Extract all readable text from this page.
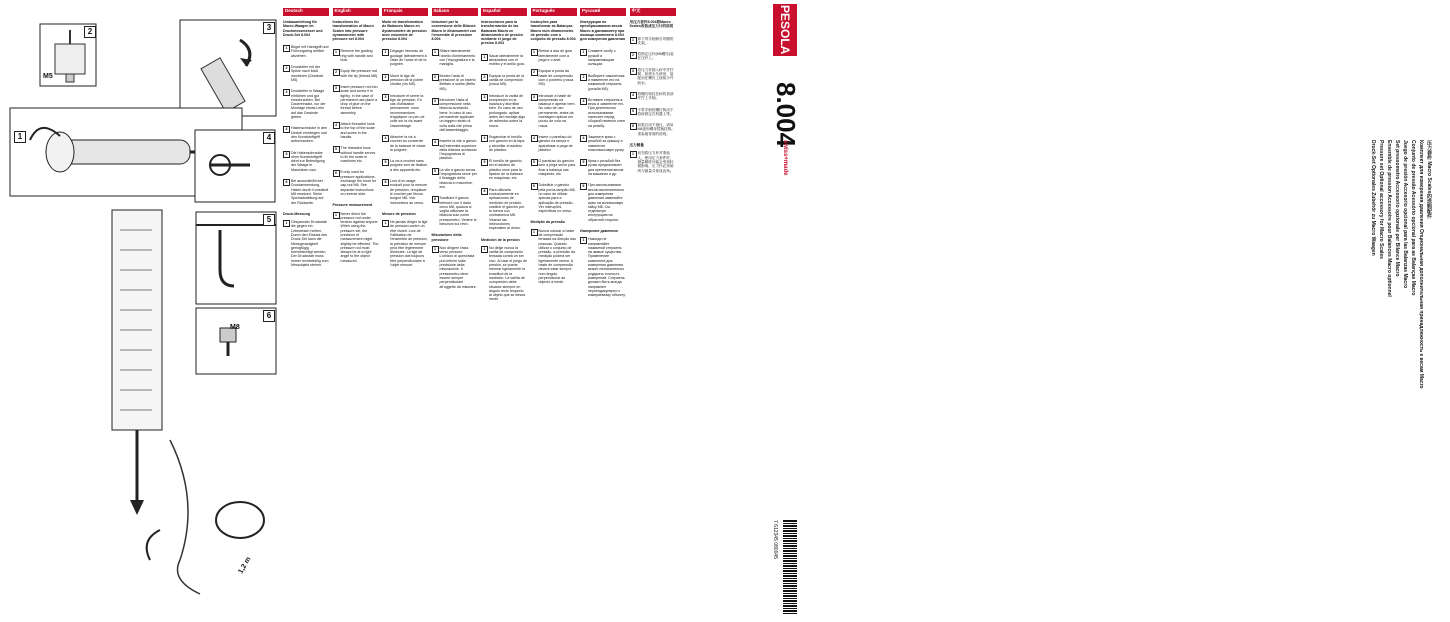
2	3
1	4
5
6
M5
M8
1,2 m
Deutsch
Umbauanleitung für Macro-Waagen im Druckmessmesser und Druck-Set 8.004
1 Bügel mit Handgriff und Führungsring seitlich abziehen.
2 Druckteller mit der Spitze nach Maß montieren (Gewinde M5).
3 Druckteller in Waage einführen und gut einschrauben. Bei Dauereinsatz, nur der Montage etwas Leim auf das Gewinde geben.
4 Hakenschraube in den Deckel einhängen und den Kunststoffgriff aufschrauben.
5 Die Hakenschraube ohne Kunststoffgriff dient zur Befestigung der Waage in Maschinen usw.
6 Bei ausschließlicher Druckanwendung, Haken durch Kunststoff M8 ersetzen. Siehe Spezialanleitung auf der Rückseite.
Druck-Messung
1 Gespannter Druckstab die gegen ein Lebewesen richten. Durch den Einsatz des Druck-Set kann die Messgenauigkeit geringfügig beeinträchtigt werden. Der Druckstab muss immer rechtwinklig zum Messobjekt stehen.
English
Instructions for transformation of Macro Scales into pressure dynamometer with pressure set 8.004
1 Remove the guiding ring with handle and bow.
2 Equip the pressure rod with the tip (thread M5).
3 Insert pressure rod into scale and screw it in tightly. In the case of permanent use place a drop of glue on the thread before assembly.
4 Attach threaded hook to the top of the scale and screw in the handle.
5 The threaded hook without handle serves to fix the scale in machines etc.
6 If only used for pressure applications, exchange the hook for cap-nut M8. See separate instructions on reverse side.
Pressure measurement
1 Never direct the pressure rod under tension against anyone. When using the pressure set, the precision of measurement might slightly be effected. The pressure rod must always be at a right angle to the object measured.
Français
Mode de transformation de Balances Macro en dynamomètre de pression avec ensemble de pression 8.004
1 Dégager l'anneau de guidage latéralement à l'aide de l'anse et de la poignée.
2 Munir la tige de pression de la pointe choisie (vis M5).
3 Introduire et serrer la tige de pression. En cas d'utilisation permanente, nous recommandons d'appliquer un peu de colle sur la vis avant l'assemblage.
4 Attacher la vis à crochet au couvercle de la balance et visser la poignée.
5 La vis à crochet sans poignée sert de fixation à des appareils etc.
6 Lors d'un usage exclusif pour la mesure de pression, remplacer le crochet par l'écrou borgne M8. Voir instructions au verso.
Mesure de pression
1 Ne jamais diriger la tige de pression contre un être vivant. Lors de l'utilisation de l'ensemble de pression, la précision de mesure peut être légèrement diminuée. La tige de pression doit toujours être perpendiculaire à l'objet mesuré.
Italiano
Istruzioni per la conversione delle Bilance Macro in dinamometri con l'ensemble di pressione 8.004
1 Sfilare lateralmente l'anello d'orientamento con l'impugnatura e la maniglia.
2 Munire l'asta di pressione di un inserto filettato a scelta (filetto M5).
3 Introdurre l'asta di compressione nella bilancia avvitando bene. In caso di uso permanente applicare un leggero strato di colla sulla vite prima dell'assemblaggio.
4 Inserire la vite a gancio sull'estremità superiore della bilancia avvitando l'impugnatura di plastica.
5 La vite a gancio senza l'impugnatura serve per il fissaggio della bilancia in macchine, ecc.
6 Sostituire il gancio inferiore con il dado cieco M8, qualora si voglia utilizzare la bilancia solo come pressometro. Vedere le istruzioni sul retro.
Misurazione della pressione
1 Non dirigere l'asta verso persone. L'utilizzo di quest'asta può influire sulla precisione della misurazione. Il pressometro deve essere sempre perpendicolare all'oggetto da misurare.
Español
Instrucciones para la transformación de las Balanzas Macro en dinamómetro de presión mediante el juego de presión 8.004
1 Sacar lateralmente la abrazadera con el estribo y el anillo guía.
2 Equipar la punta de la varilla de compresión (rosca M5).
3 Introducir la varilla de compresión en la balanza y atornillar bien. En caso de uso prolongado, aplicar antes del montaje algo de adhesivo sobre la rosca.
4 Enganchar el tornillo con gancho en la tapa y atornillar el asidero de plástico.
5 El tornillo de gancho sin el asidero de plástico sirve para la fijación de la balanza en máquinas, etc.
6 Para utilizarla exclusivamente en aplicaciones de medición de presión, sustituir el gancho por la tuerca con contratuerca M8. Véanse las instrucciones especiales al dorso.
Medición de la presión
1 No dirigir nunca la varilla de compresión tensada contra un ser vivo. Al usar el juego de presión, se puede mermar ligeramente la exactitud de la medición. La varilla de compresión debe situarse siempre en ángulo recto respecto al objeto que se desea medir.
Português
Instruções para transformar as Balanças Macro num dinamómetro de pressão com o conjunto de pressão 8.004
1 Retirar a asa de guia lateralmente com a pega e o anel.
2 Equipar a ponta da haste de compressão com o ponteiro (rosca M5).
3 Introduzir a haste de compressão na balança e apertar bem. No caso de uso permanente, antes da montagem aplicar um pouco de cola na rosca.
4 Inserir o parafuso do gancho na tampa e aparafusar a pega de plástico.
5 O parafuso do gancho sem a pega serve para fixar a balança nas máquinas, etc.
6 Substituir o gancho pela porca-tampão M8, no caso de utilizar apenas para a aplicação de pressão. Ver instruções especificas no verso.
Medição da pressão
1 Nunca colocar a haste de compressão tensada na direção das pessoas. Quando utilizar o conjunto de pressão, a precisão da medição poderá ser ligeiramente menor. A haste de compressão deverá estar sempre num ângulo perpendicular ao objecto a medir.
Русский
Инструкция по преобразованию весов Macro в динамометр при помощи комплекта 8.004 для измерения давления
1 Снимите скобу с ручкой и направляющим кольцом.
2 Выберите наконечник и навинтите его на нажимной стержень (резьба M5).
3 Вставьте стержень в весы и завинтите его. При длительном использовании нанесите перед сборкой немного клея на резьбу.
4 Зацепите крюк с резьбой за крышку и навинтите пластмассовую ручку.
5 Крюк с резьбой без ручки предназначен для крепления весов на машинах и др.
6 При использовании весов исключительно для измерения давления заменяйте крюк на колпачковую гайку M8. См. отдельную инструкцию на обратной стороне.
Измерение давления
1 Никогда не направляйте нажимной стержень на живые существа. Применение комплекта для измерения давления может незначительно ухудшить точность измерений. Стержень должен быть всегда направлен перпендикулярно к измеряемому объекту.
中文
用压力套件8.004将Macro Scales改装成压力计的说明
1 卸下带手柄和引导圈的支架。
2 将指定压杆(M5螺纹)装在压杆上。
3 将压力杆插入秤中并拧紧。如需永久使用，装配前在螺纹上涂抹少许胶水。
4 将螺纹钩挂在秤的顶部并拧上手柄。
5 不带手柄的螺钉钩用于将秤固定在机器上等。
6 如果仅用于测压，请用M8盖形螺母替换挂钩。请参阅背面的说明。
压力测量
1 切勿将压力杆对准他人。使用压力套件时，测量精度可能会受到轻微影响。压力杆必须始终与测量对象成直角。	Druck-Set Optionales Zubehör zu Macro Waagen Pressure set Optional accessory for Macro Scales Ensemble de pression Accessoire pour Balances Macro optionnel Set pressometro Accessorio opzionale per Bilance Macro Juego de presión Accesorio opcional para las Balanzas Macro Conjunto de pressão Acessório opcional para as Balanças Macro Комплект для измерения давления Опциональная дополнительная принадлежность к весам Macro 压力套件 Macro Scales的选购配件
PESOLA
8.004
swiss+made
7 612345 080045
